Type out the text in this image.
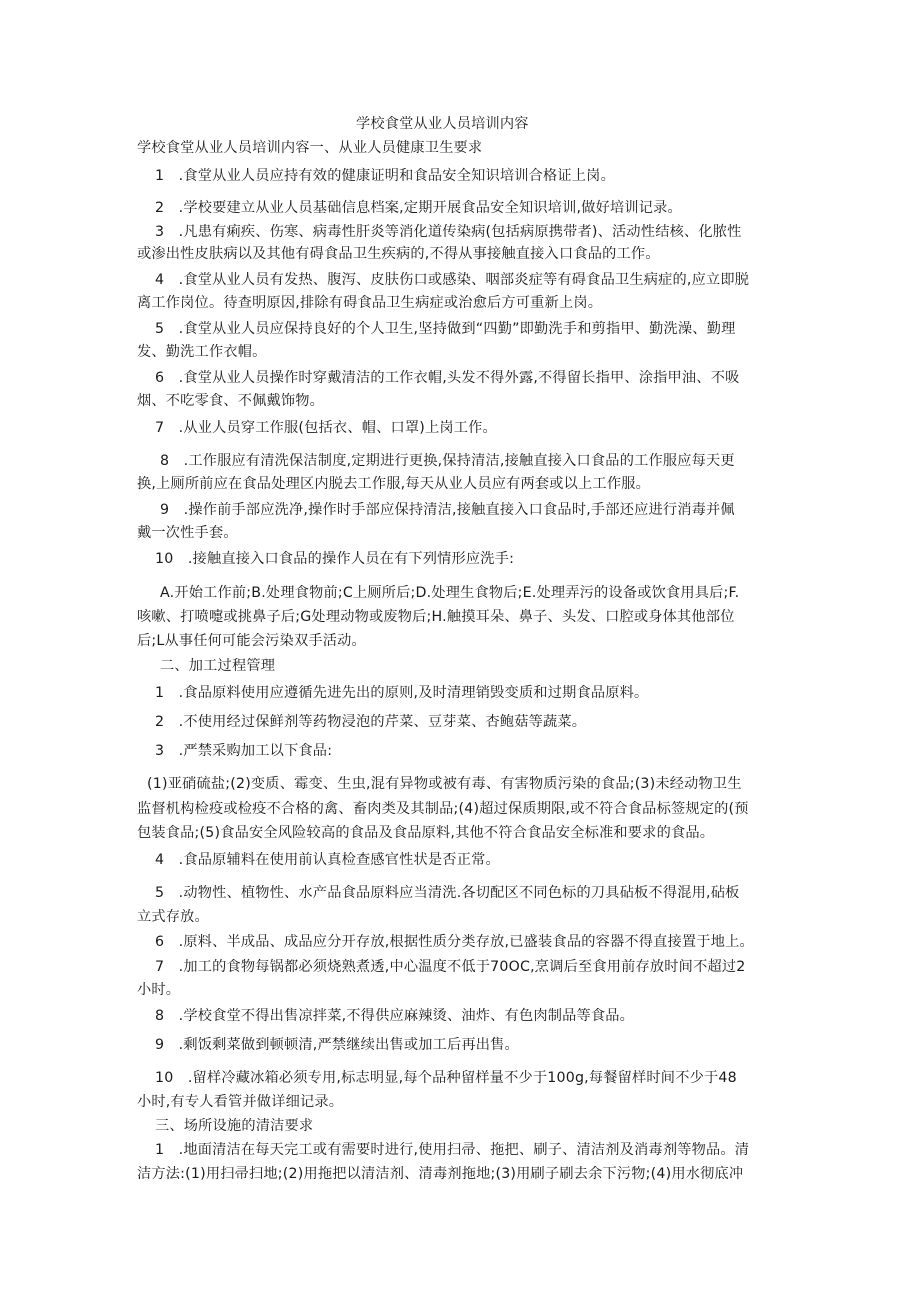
学校食堂从业人员培训内容
学校食堂从业人员培训内容一、从业人员健康卫生要求
1　.食堂从业人员应持有效的健康证明和食品安全知识培训合格证上岗。
2　.学校要建立从业人员基础信息档案,定期开展食品安全知识培训,做好培训记录。
3　.凡患有痢疾、伤寒、病毒性肝炎等消化道传染病(包括病原携带者)、活动性结核、化脓性
或渗出性皮肤病以及其他有碍食品卫生疾病的,不得从事接触直接入口食品的工作。
4　.食堂从业人员有发热、腹泻、皮肤伤口或感染、咽部炎症等有碍食品卫生病症的,应立即脱
离工作岗位。待查明原因,排除有碍食品卫生病症或治愈后方可重新上岗。
5　.食堂从业人员应保持良好的个人卫生,坚持做到“四勤”即勤洗手和剪指甲、勤洗澡、勤理
发、勤洗工作衣帽。
6　.食堂从业人员操作时穿戴清洁的工作衣帽,头发不得外露,不得留长指甲、涂指甲油、不吸
烟、不吃零食、不佩戴饰物。
7　.从业人员穿工作服(包括衣、帽、口罩)上岗工作。
8　.工作服应有清洗保洁制度,定期进行更换,保持清洁,接触直接入口食品的工作服应每天更
换,上厕所前应在食品处理区内脱去工作服,每天从业人员应有两套或以上工作服。
9　.操作前手部应洗净,操作时手部应保持清洁,接触直接入口食品时,手部还应进行消毒并佩
戴一次性手套。
10　.接触直接入口食品的操作人员在有下列情形应洗手:
A.开始工作前;B.处理食物前;C上厕所后;D.处理生食物后;E.处理弄污的设备或饮食用具后;F.
咳嗽、打喷嚏或挑鼻子后;G处理动物或废物后;H.触摸耳朵、鼻子、头发、口腔或身体其他部位
后;L从事任何可能会污染双手活动。
二、加工过程管理
1　.食品原料使用应遵循先进先出的原则,及时清理销毁变质和过期食品原料。
2　.不使用经过保鲜剂等药物浸泡的芹菜、豆芽菜、杏鲍菇等蔬菜。
3　.严禁采购加工以下食品:
(1)亚硝硫盐;(2)变质、霉变、生虫,混有异物或被有毒、有害物质污染的食品;(3)未经动物卫生
监督机构检疫或检疫不合格的禽、畜肉类及其制品;(4)超过保质期限,或不符合食品标签规定的(预
包装食品;(5)食品安全风险较高的食品及食品原料,其他不符合食品安全标准和要求的食品。
4　.食品原辅料在使用前认真检查感官性状是否正常。
5　.动物性、植物性、水产品食品原料应当清洗.各切配区不同色标的刀具砧板不得混用,砧板
立式存放。
6　.原料、半成品、成品应分开存放,根据性质分类存放,已盛装食品的容器不得直接置于地上。
7　.加工的食物每锅都必须烧熟煮透,中心温度不低于70OC,烹调后至食用前存放时间不超过2
小时。
8　.学校食堂不得出售凉拌菜,不得供应麻辣烫、油炸、有色肉制品等食品。
9　.剩饭剩菜做到顿顿清,严禁继续出售或加工后再出售。
10　.留样冷藏冰箱必须专用,标志明显,每个品种留样量不少于100g,每餐留样时间不少于48
小时,有专人看管并做详细记录。
三、场所设施的清洁要求
1　.地面清洁在每天完工或有需要时进行,使用扫帚、拖把、刷子、清洁剂及消毒剂等物品。清
洁方法:(1)用扫帚扫地;(2)用拖把以清洁剂、清毒剂拖地;(3)用刷子刷去余下污物;(4)用水彻底冲
